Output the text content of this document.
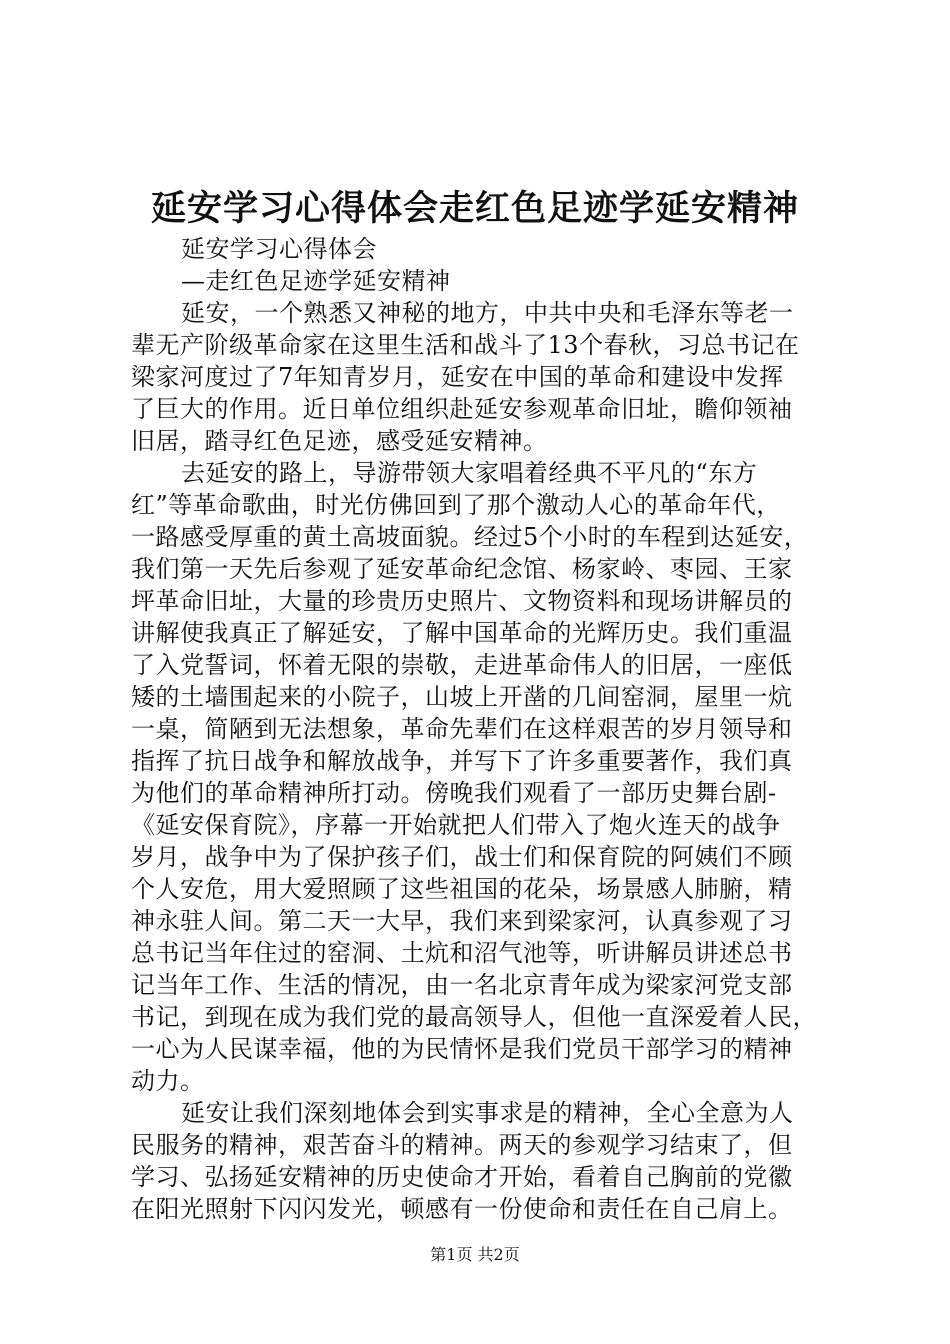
延安学习心得体会走红色足迹学延安精神
延安学习心得体会
—走红色足迹学延安精神
延安，一个熟悉又神秘的地方，中共中央和毛泽东等老一
辈无产阶级革命家在这里生活和战斗了13个春秋，习总书记在
梁家河度过了7年知青岁月，延安在中国的革命和建设中发挥
了巨大的作用。近日单位组织赴延安参观革命旧址，瞻仰领袖
旧居，踏寻红色足迹，感受延安精神。
去延安的路上，导游带领大家唱着经典不平凡的“东方
红”等革命歌曲，时光仿佛回到了那个激动人心的革命年代，
一路感受厚重的黄土高坡面貌。经过5个小时的车程到达延安，
我们第一天先后参观了延安革命纪念馆、杨家岭、枣园、王家
坪革命旧址，大量的珍贵历史照片、文物资料和现场讲解员的
讲解使我真正了解延安，了解中国革命的光辉历史。我们重温
了入党誓词，怀着无限的崇敬，走进革命伟人的旧居，一座低
矮的土墙围起来的小院子，山坡上开凿的几间窑洞，屋里一炕
一桌，简陋到无法想象，革命先辈们在这样艰苦的岁月领导和
指挥了抗日战争和解放战争，并写下了许多重要著作，我们真
为他们的革命精神所打动。傍晚我们观看了一部历史舞台剧-
《延安保育院》，序幕一开始就把人们带入了炮火连天的战争
岁月，战争中为了保护孩子们，战士们和保育院的阿姨们不顾
个人安危，用大爱照顾了这些祖国的花朵，场景感人肺腑，精
神永驻人间。第二天一大早，我们来到梁家河，认真参观了习
总书记当年住过的窑洞、土炕和沼气池等，听讲解员讲述总书
记当年工作、生活的情况，由一名北京青年成为梁家河党支部
书记，到现在成为我们党的最高领导人，但他一直深爱着人民，
一心为人民谋幸福，他的为民情怀是我们党员干部学习的精神
动力。
延安让我们深刻地体会到实事求是的精神，全心全意为人
民服务的精神，艰苦奋斗的精神。两天的参观学习结束了，但
学习、弘扬延安精神的历史使命才开始，看着自己胸前的党徽
在阳光照射下闪闪发光，顿感有一份使命和责任在自己肩上。
第1页 共2页
